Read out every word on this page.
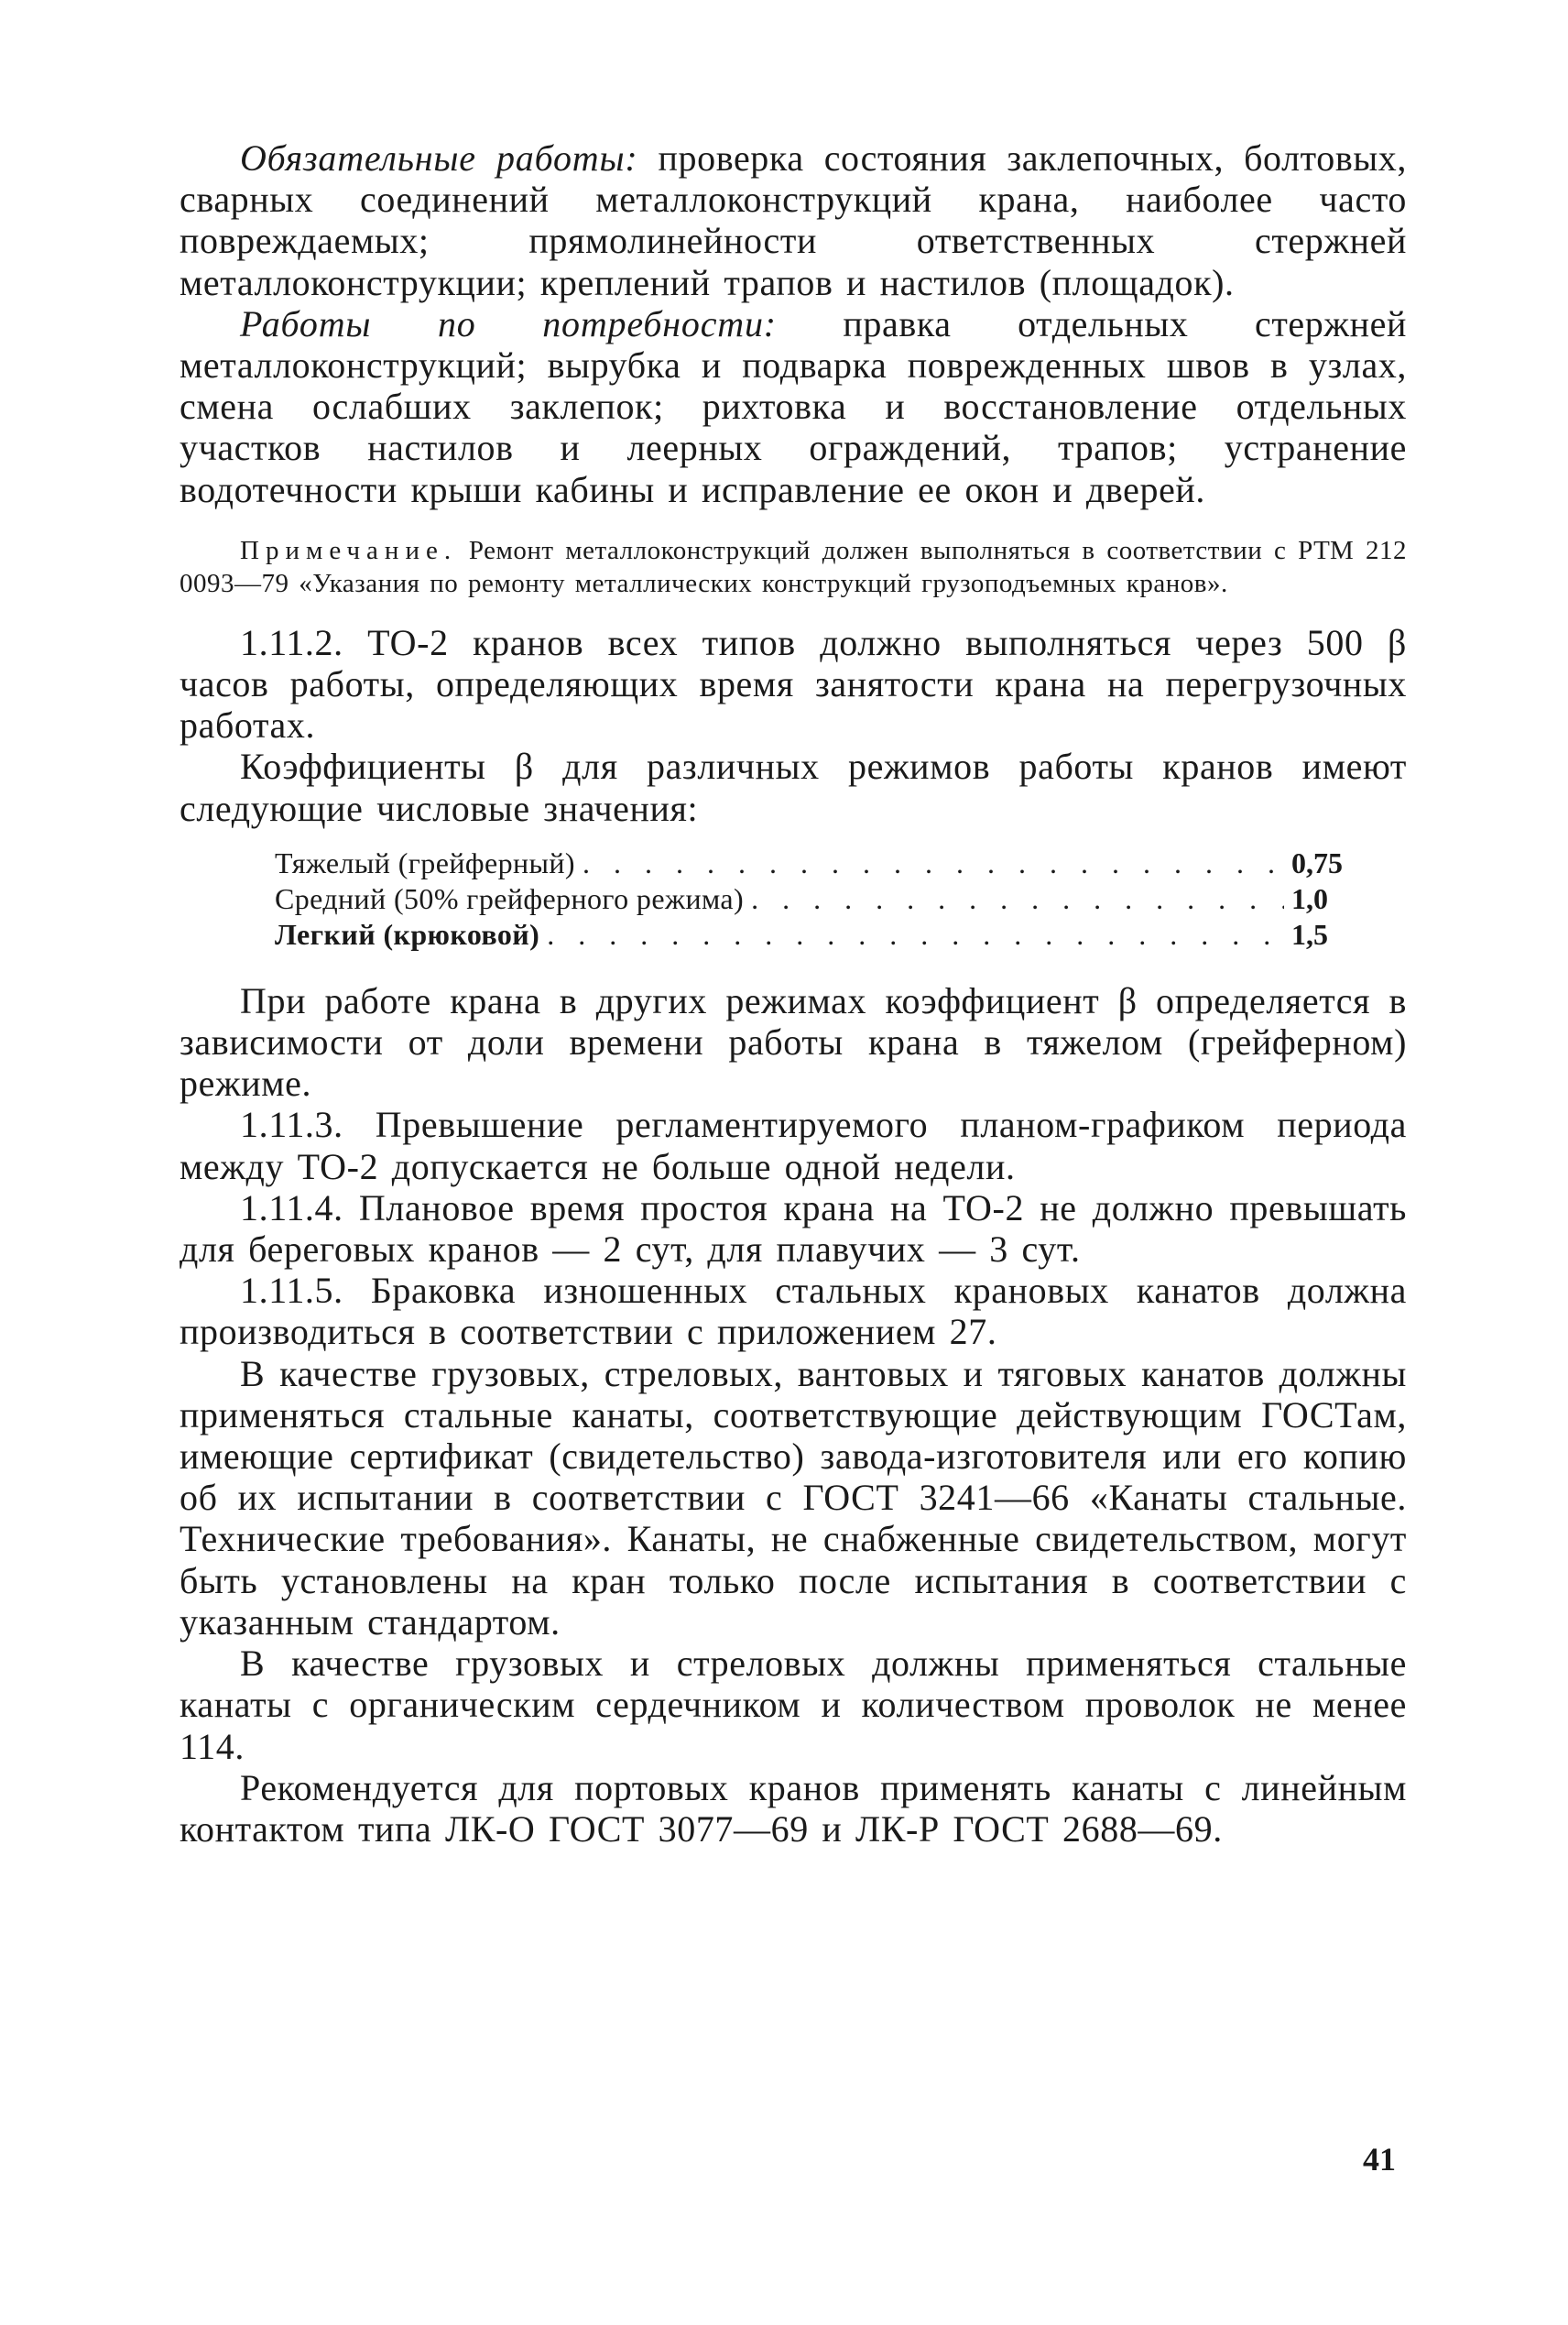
Обязательные работы: проверка состояния заклепочных, болтовых, сварных соединений металлоконструкций крана, наиболее часто повреждаемых; прямолинейности ответственных стержней металлоконструкции; креплений трапов и настилов (площадок).

Работы по потребности: правка отдельных стержней металлоконструкций; вырубка и подварка поврежденных швов в узлах, смена ослабших заклепок; рихтовка и восстановление отдельных участков настилов и леерных ограждений, трапов; устранение водотечности крыши кабины и исправление ее окон и дверей.

Примечание. Ремонт металлоконструкций должен выполняться в соответствии с РТМ 212 0093—79 «Указания по ремонту металлических конструкций грузоподъемных кранов».

1.11.2. ТО-2 кранов всех типов должно выполняться через 500 β часов работы, определяющих время занятости крана на перегрузочных работах.

Коэффициенты β для различных режимов работы кранов имеют следующие числовые значения:

Тяжелый (грейферный) . . .	0,75
Средний (50% грейферного режима) . . .	1,0
Легкий (крюковой) . . .	1,5

При работе крана в других режимах коэффициент β определяется в зависимости от доли времени работы крана в тяжелом (грейферном) режиме.

1.11.3. Превышение регламентируемого планом-графиком периода между ТО-2 допускается не больше одной недели.

1.11.4. Плановое время простоя крана на ТО-2 не должно превышать для береговых кранов — 2 сут, для плавучих — 3 сут.

1.11.5. Браковка изношенных стальных крановых канатов должна производиться в соответствии с приложением 27.

В качестве грузовых, стреловых, вантовых и тяговых канатов должны применяться стальные канаты, соответствующие действующим ГОСТам, имеющие сертификат (свидетельство) завода-изготовителя или его копию об их испытании в соответствии с ГОСТ 3241—66 «Канаты стальные. Технические требования». Канаты, не снабженные свидетельством, могут быть установлены на кран только после испытания в соответствии с указанным стандартом.

В качестве грузовых и стреловых должны применяться стальные канаты с органическим сердечником и количеством проволок не менее 114.

Рекомендуется для портовых кранов применять канаты с линейным контактом типа ЛК-О ГОСТ 3077—69 и ЛК-Р ГОСТ 2688—69.

41
